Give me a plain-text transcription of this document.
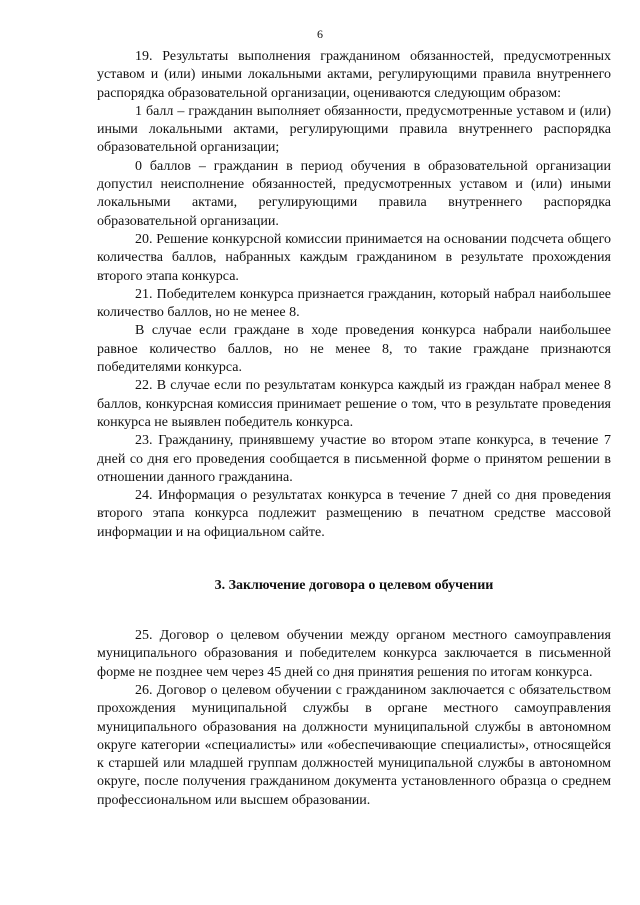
6

19. Результаты выполнения гражданином обязанностей, предусмотренных уставом и (или) иными локальными актами, регулирующими правила внутреннего распорядка образовательной организации, оцениваются следующим образом:

1 балл – гражданин выполняет обязанности, предусмотренные уставом и (или) иными локальными актами, регулирующими правила внутреннего распорядка образовательной организации;

0 баллов – гражданин в период обучения в образовательной организации допустил неисполнение обязанностей, предусмотренных уставом и (или) иными локальными актами, регулирующими правила внутреннего распорядка образовательной организации.

20. Решение конкурсной комиссии принимается на основании подсчета общего количества баллов, набранных каждым гражданином в результате прохождения второго этапа конкурса.

21. Победителем конкурса признается гражданин, который набрал наибольшее количество баллов, но не менее 8.

В случае если граждане в ходе проведения конкурса набрали наибольшее равное количество баллов, но не менее 8, то такие граждане признаются победителями конкурса.

22. В случае если по результатам конкурса каждый из граждан набрал менее 8 баллов, конкурсная комиссия принимает решение о том, что в результате проведения конкурса не выявлен победитель конкурса.

23. Гражданину, принявшему участие во втором этапе конкурса, в течение 7 дней со дня его проведения сообщается в письменной форме о принятом решении в отношении данного гражданина.

24. Информация о результатах конкурса в течение 7 дней со дня проведения второго этапа конкурса подлежит размещению в печатном средстве массовой информации и на официальном сайте.

3. Заключение договора о целевом обучении

25. Договор о целевом обучении между органом местного самоуправления муниципального образования и победителем конкурса заключается в письменной форме не позднее чем через 45 дней со дня принятия решения по итогам конкурса.

26. Договор о целевом обучении с гражданином заключается с обязательством прохождения муниципальной службы в органе местного самоуправления муниципального образования на должности муниципальной службы в автономном округе категории «специалисты» или «обеспечивающие специалисты», относящейся к старшей или младшей группам должностей муниципальной службы в автономном округе, после получения гражданином документа установленного образца о среднем профессиональном или высшем образовании.
